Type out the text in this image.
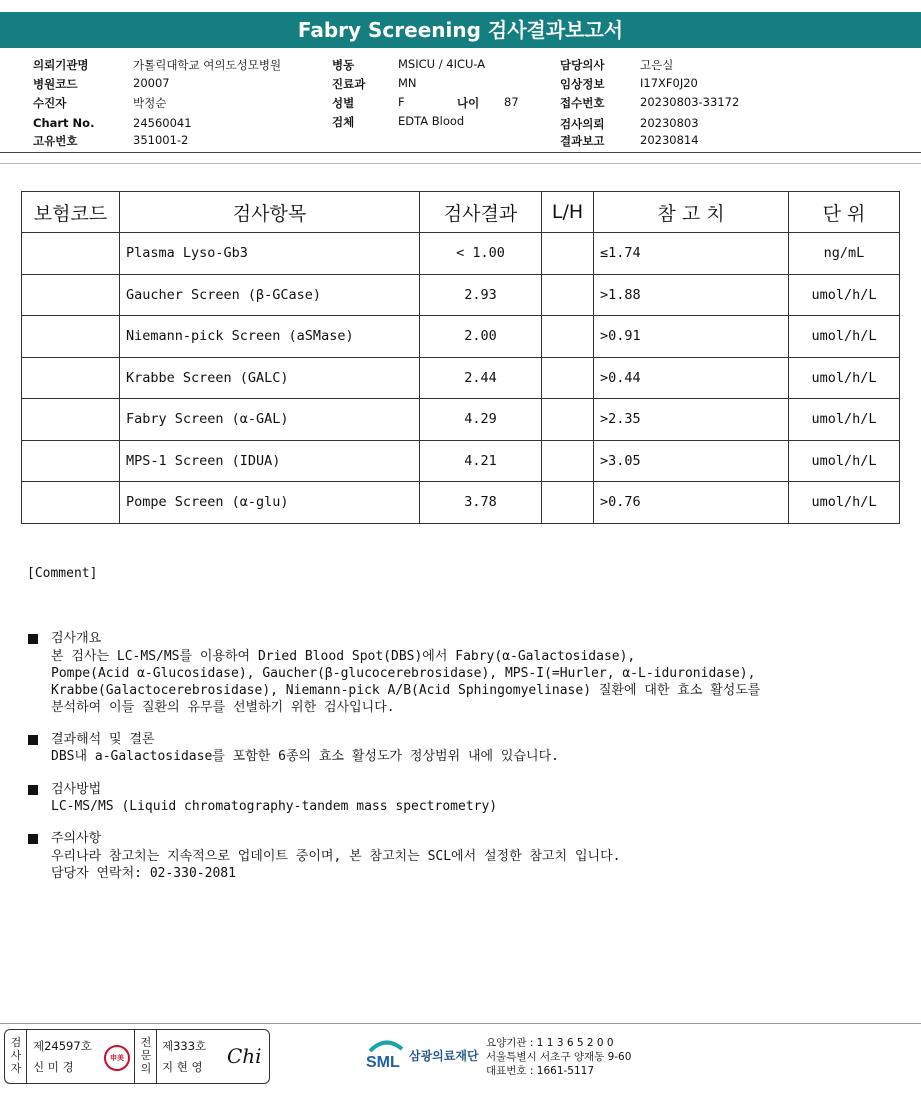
Fabry Screening 검사결과보고서
의뢰기관명	가톨릭대학교 여의도성모병원
병원코드	20007
수진자	박정순
Chart No.	24560041
고유번호	351001-2
병동	MSICU / 4ICU-A
진료과	MN
성별	F	나이 87
검체	EDTA Blood
담당의사	고은실
임상정보	I17XF0J20
접수번호	20230803-33172
검사의뢰	20230803
결과보고	20230814
보험코드	검사항목	검사결과	L/H	참 고 치	단 위
	Plasma Lyso-Gb3	< 1.00		≤1.74	ng/mL
	Gaucher Screen (β-GCase)	2.93		>1.88	umol/h/L
	Niemann-pick Screen (aSMase)	2.00		>0.91	umol/h/L
	Krabbe Screen (GALC)	2.44		>0.44	umol/h/L
	Fabry Screen (α-GAL)	4.29		>2.35	umol/h/L
	MPS-1 Screen (IDUA)	4.21		>3.05	umol/h/L
	Pompe Screen (α-glu)	3.78		>0.76	umol/h/L
[Comment]
검사개요
본 검사는 LC-MS/MS를 이용하여 Dried Blood Spot(DBS)에서 Fabry(α-Galactosidase),
Pompe(Acid α-Glucosidase), Gaucher(β-glucocerebrosidase), MPS-I(=Hurler, α-L-iduronidase),
Krabbe(Galactocerebrosidase), Niemann-pick A/B(Acid Sphingomyelinase) 질환에 대한 효소 활성도를
분석하여 이들 질환의 유무를 선별하기 위한 검사입니다.
결과해석 및 결론
DBS내 a-Galactosidase를 포함한 6종의 효소 활성도가 정상범위 내에 있습니다.
검사방법
LC-MS/MS (Liquid chromatography-tandem mass spectrometry)
주의사항
우리나라 참고치는 지속적으로 업데이트 중이며, 본 참고치는 SCL에서 설정한 참고치 입니다.
담당자 연락처: 02-330-2081
검사자
제24597호
신 미 경
申美
전문의
제333호
지 현 영 Chi	SML 삼광의료재단
요양기관 : 1 1 3 6 5 2 0 0
서울특별시 서초구 양재동 9-60
대표번호 : 1661-5117
